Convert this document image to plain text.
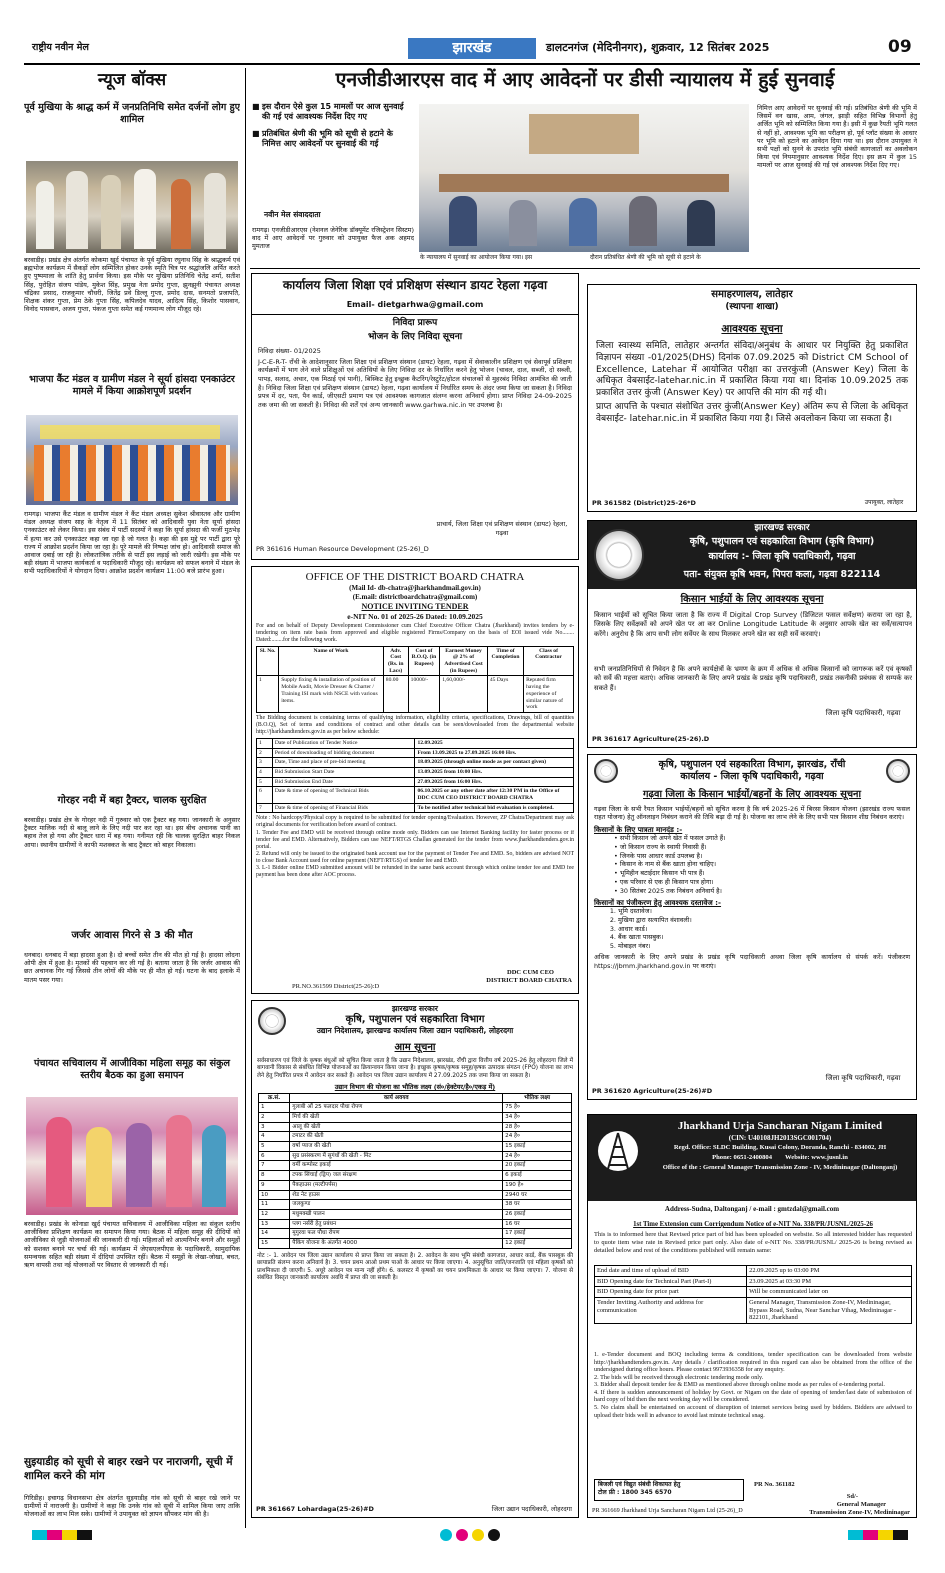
राष्ट्रीय नवीन मेल	झारखंड	डालटनगंज (मेदिनीनगर), शुक्रवार, 12 सितंबर 2025	09
न्यूज बॉक्स
पूर्व मुखिया के श्राद्ध कर्म में जनप्रतिनिधि समेत दर्जनों लोग हुए शामिल
बरवाडीह। प्रखंड क्षेत्र अंतर्गत कोकमा खुर्द पंचायत के पूर्व मुखिया रघुनाथ सिंह के श्राद्धकर्म एवं ब्रह्मभोज कार्यक्रम में सैकड़ों लोग सम्मिलित होकर उनके स्मृति चित्र पर श्रद्धांजलि अर्पित करते हुए पुष्पमाला के शांति हेतु प्रार्थना किया। इस मौके पर मुखिया प्रतिनिधि चेतेंद्र शर्मा, सतीश सिंह, पुरोहित संजय पांडेय, मुकेश सिंह, प्रमुख नेता प्रमोद गुप्ता, झुनझुनी पंचायत अध्यक्ष चंद्रिका प्रसाद, राजकुमार चौधरी, जितेंद्र प्रवे डिल्लू गुप्ता, प्रमोद दास, सनमतो प्रजापति, शिक्षक शंकर गुप्ता, प्रेम ठेके गुप्ता सिंह, कपिलदेव यादव, आदित्य सिंह, किशोर पासवान, विनोद पासवान, अजय गुप्ता, पंकज गुप्ता समेत कई गणमान्य लोग मौजूद रहे।
भाजपा कैंट मंडल व ग्रामीण मंडल ने सूर्या हांसदा एनकाउंटर मामले में किया आक्रोशपूर्ण प्रदर्शन
रामगढ़। भाजपा कैंट मंडल व ग्रामीण मंडल ने कैंट मंडल अध्यक्ष सुकेश श्रीवास्तव और ग्रामीण मंडल अध्यक्ष संजय साह के नेतृत्व में 11 सितंबर को आदिवासी युवा नेता सूर्या हांसदा एनकाउंटर को लेकर किया। इस संबंध में पार्टी सदस्यों ने कहा कि सूर्या हांसदा की फर्जी मुठभेड़ में हत्या कर उसे एनकाउंटर कहा जा रहा है जो गलत है। कहा की इस मुद्दे पर पार्टी द्वारा पूरे राज्य में आक्रोश प्रदर्शन किया जा रहा है। पूरे मामले की निष्पक्ष जांच हो। आदिवासी समाज की आवाज दबाई जा रही है। लोकतांत्रिक तरीके से पार्टी इस लड़ाई को जारी रखेगी। इस मौके पर बड़ी संख्या में भाजपा कार्यकर्ता व पदाधिकारी मौजूद रहे। कार्यक्रम को सफल बनाने में मंडल के सभी पदाधिकारियों ने योगदान दिया। आक्रोश प्रदर्शन कार्यक्रम 11:00 बजे प्रारंभ हुआ।
गोरहर नदी में बहा ट्रैक्टर, चालक सुरक्षित
बरवाडीह। प्रखंड क्षेत्र के गोरहर नदी में गुरुवार को एक ट्रैक्टर बह गया। जानकारी के अनुसार ट्रैक्टर मालिक नदी से बालू लाने के लिए नदी पार कर रहा था। इस बीच अचानक पानी का बहाव तेज हो गया और ट्रैक्टर धारा में बह गया। गनीमत रही कि चालक सुरक्षित बाहर निकल आया। स्थानीय ग्रामीणों ने काफी मशक्कत के बाद ट्रैक्टर को बाहर निकाला।
जर्जर आवास गिरने से 3 की मौत
धनबाद। धनबाद में बड़ा हादसा हुआ है। दो बच्चों समेत तीन की मौत हो गई है। हादसा लोदना ओपी क्षेत्र में हुआ है। मृतकों की पहचान कर ली गई है। बताया जाता है कि जर्जर आवास की छत अचानक गिर गई जिससे तीन लोगों की मौके पर ही मौत हो गई। घटना के बाद इलाके में मातम पसर गया।
पंचायत सचिवालय में आजीविका महिला समूह का संकुल स्तरीय बैठक का हुआ समापन
बरवाडीह। प्रखंड के कोनाडा खुर्द पंचायत सचिवालय में आजीविका महिला का संकुल स्तरीय आजीविका प्रशिक्षण कार्यक्रम का समापन किया गया। बैठक में महिला समूह की दीदियों को आजीविका से जुड़ी योजनाओं की जानकारी दी गई। महिलाओं को आत्मनिर्भर बनाने और समूहों को सशक्त बनाने पर चर्चा की गई। कार्यक्रम में जेएसएलपीएस के पदाधिकारी, सामुदायिक समन्वयक सहित बड़ी संख्या में दीदियां उपस्थित रहीं। बैठक में समूहों के लेखा-जोखा, बचत, ऋण वापसी तथा नई योजनाओं पर विस्तार से जानकारी दी गई।
सुइयाडीह को सूची से बाहर रखने पर नाराजगी, सूची में शामिल करने की मांग
गिरिडीह। इचागढ़ विधानसभा क्षेत्र अंतर्गत सुइयाडीह गांव को सूची से बाहर रखे जाने पर ग्रामीणों में नाराजगी है। ग्रामीणों ने कहा कि उनके गांव को सूची में शामिल किया जाए ताकि योजनाओं का लाभ मिल सके। ग्रामीणों ने उपायुक्त को ज्ञापन सौंपकर मांग की है।
एनजीडीआरएस वाद में आए आवेदनों पर डीसी न्यायालय में हुई सुनवाई
■ इस दौरान ऐसे कुल 15 मामलों पर आज सुनवाई की गई एवं आवश्यक निर्देश दिए गए
■ प्रतिबंधित श्रेणी की भूमि को सूची से हटाने के निमित्त आए आवेदनों पर सुनवाई की गई
नवीन मेल संवाददाता
रामगढ़। एनजीडीआरएस (नेशनल जेनेरिक डॉक्यूमेंट रजिस्ट्रेशन सिस्टम) वाद में आए आवेदनों पर गुरुवार को उपायुक्त फैज अक अहमद मुमताज
के न्यायालय में सुनवाई का आयोजन किया गया। इस	दौरान प्रतिबंधित श्रेणी की भूमि को सूची से हटाने के
निमित्त आए आवेदनों पर सुनवाई की गई। प्रतिबंधित श्रेणी की भूमि में जिसमें वन खास, आम, जंगल, झाड़ी सहित विभिन्न विभागों हेतु अर्जित भूमि को सम्मिलित किया गया है। इसी में कुछ रैयती भूमि गलत से नहीं हो, आवश्यक भूमि का परीक्षण हो, पूर्व प्लॉट संख्या के आधार पर भूमि को हटाने का आवेदन दिया गया था। इस दौरान उपायुक्त ने सभी पक्षों को सुनने के उपरांत भूमि संबंधी कागजातों का अवलोकन किया एवं नियमानुसार आवश्यक निर्देश दिए। इस क्रम में कुल 15 मामलों पर आज सुनवाई की गई एवं आवश्यक निर्देश दिए गए।
कार्यालय जिला शिक्षा एवं प्रशिक्षण संस्थान डायट रेहला गढ़वा
Email- dietgarhwa@gmail.com
निविदा प्रारूप
भोजन के लिए निविदा सूचना
निविदा संख्या- 01/2025
J-C-E-R-T- राँची के आदेशानुसार जिला शिक्षा एवं प्रशिक्षण संस्थान (डायट) रेहला, गढ़वा में सेवाकालीन प्रशिक्षण एवं सेवापूर्व प्रशिक्षण कार्यक्रमों में भाग लेने वाले प्रशिक्षुओं एवं अतिथियों के लिए निविदा दर के निर्धारित करने हेतु भोजन (चावल, दाल, सब्जी, दो सब्जी, पापड़, सलाद, अचार, एक मिठाई एवं पानी), बिस्किट हेतु इच्छुक कैटरिंग/रेस्टुरेंट/होटल संचालकों से मुहरबंद निविदा आमंत्रित की जाती है। निविदा जिला शिक्षा एवं प्रशिक्षण संस्थान (डायट) रेहला, गढ़वा कार्यालय में निर्धारित समय के अंदर जमा किया जा सकता है। निविदा प्रपत्र में दर, पता, पैन कार्ड, जीएसटी प्रमाण पत्र एवं आवश्यक कागजात संलग्न करना अनिवार्य होगा। प्राप्त निविदा 24-09-2025 तक जमा की जा सकती है। निविदा की शर्तें एवं अन्य जानकारी www.garhwa.nic.in पर उपलब्ध है।
प्राचार्य, जिला शिक्षा एवं प्रशिक्षण संस्थान (डायट) रेहला, गढ़वा
PR 361616 Human Resource Development (25-26)_D
OFFICE OF THE DISTRICT BOARD CHATRA
(Mail Id- db-chatra@jharkhandmail.gov.in)
(E.mail: districtboardchatra@gmail.com)
NOTICE INVITING TENDER
e-NIT No. 01 of 2025-26 Dated: 10.09.2025
For and on behalf of Deputy Development Commissioner cum Chief Executive Officer Chatra (Jharkhand) invites tenders by e-tendering on item rate basis from approved and eligible registered Firms/Company on the basis of EOI issued vide No........ Dated:........for the following work.
Sl. No.	Name of Work	Adv. Cost (Rs. in Lacs)	Cost of B.O.Q. (in Rupees)	Earnest Money @ 2% of Advertised Cost (in Rupees)	Time of Completion	Class of Contractor
1	Supply fixing & installation of position of Mobile Audit, Movie Dresser & Charter / Training ISI mark with NSCE with various items.	80.00	10000/-	1,60,000/-	45 Days	Reputed firm having the experience of similar nature of work
The Bidding document is containing terms of qualifying information, eligibility criteria, specifications, Drawings, bill of quantities (B.O.Q), Set of terms and conditions of contract and other details can be seen/downloaded from the departmental website http://jharkhandtenders.gov.in as per below schedule:
1	Date of Publication of Tender Notice	12.09.2025
2	Period of downloading of bidding document	From 13.09.2025 to 27.09.2025 16:00 Hrs.
3	Date, Time and place of pre-bid meeting	18.09.2025 (through online mode as per contact given)
4	Bid Submission Start Date	13.09.2025 from 10:00 Hrs.
5	Bid Submission End Date	27.09.2025 from 16:00 Hrs.
6	Date & time of opening of Technical Bids	06.10.2025 or any other date after 12:30 PM in the Office of DDC CUM CEO DISTRICT BOARD CHATRA
7	Date & time of opening of Financial Bids	To be notified after technical bid evaluation is completed.
Note : No hardcopy/Physical copy is required to be submitted for tender opening/Evaluation. However, ZP Chatra/Department may ask original documents for verification before award of contract.
1. Tender Fee and EMD will be received through online mode only. Bidders can use Internet Banking facility for faster process or if tender fee and EMD. Alternatively, Bidders can use NEFT/RTGS Challan generated for the tender from www.jharkhandtenders.gov.in portal.
2. Refund will only be issued to the originated bank account use for the payment of Tender Fee and EMD. So, bidders are advised NOT to close Bank Account used for online payment (NEFT/RTGS) of tender fee and EMD.
3. L-1 Bidder online EMD submitted amount will be refunded in the same bank account through which online tender fee and EMD fee payment has been done after AOC process.
DDC CUM CEO
DISTRICT BOARD CHATRA
PR.NO.361599 District(25-26):D
झारखण्ड सरकार
कृषि, पशुपालन एवं सहकारिता विभाग
उद्यान निदेशालय, झारखण्ड कार्यालय जिला उद्यान पदाधिकारी, लोहरदगा
आम सूचना
सर्वसाधारण एवं जिले के कृषक बंधुओं को सूचित किया जाता है कि उद्यान निदेशालय, झारखंड, राँची द्वारा वित्तीय वर्ष 2025-26 हेतु लोहरदगा जिले में बागवानी विकास से संबंधित विभिन्न योजनाओं का क्रियान्वयन किया जाना है। इच्छुक कृषक/कृषक समूह/कृषक उत्पादक संगठन (FPO) योजना का लाभ लेने हेतु निर्धारित प्रपत्र में आवेदन कर सकते हैं। आवेदन पत्र जिला उद्यान कार्यालय में 27.09.2025 तक जमा किया जा सकता है।
उद्यान विभाग की योजना का भौतिक लक्ष्य (सं०/हेक्टेयर/है०/एकड़ में)
क्र.सं.	कार्य अवयव	भौतिक लक्ष्य
1	गुलाबी ओं 25 फलदार पौधा रोपण	75 हे०
2	मिर्च की खेती	34 हे०
3	आलू की खेती	28 हे०
4	टमाटर की खेती	24 हे०
5	वर्षा प्याज की खेती	15 इकाई
6	सुग्र प्रसंस्करण में सुगंधों की खेती - मिंट	24 हे०
7	वर्मी कम्पोस्ट इकाई	20 इकाई
8	टपक सिंचाई (ड्रिप) जल संरक्षण	6 इकाई
9	पैकहाउस (मल्टीपर्पस)	190 हे०
10	शेड नेट हाउस	2940 घर
11	जलकुण्ड	38 घर
12	मधुमक्खी पालन	26 इकाई
13	प्लग नर्सरी हेतु प्रबंधन	16 घर
14	मुगुरवा फल पौधा रोपण	17 इकाई
15	पैकिंग योजना के अंतर्गत 4000	12 इकाई
नोट :- 1. आवेदन पत्र जिला उद्यान कार्यालय से प्राप्त किया जा सकता है। 2. आवेदन के साथ भूमि संबंधी कागजात, आधार कार्ड, बैंक पासबुक की छायाप्रति संलग्न करना अनिवार्य है। 3. चयन प्रथम आओ प्रथम पाओ के आधार पर किया जाएगा। 4. अनुसूचित जाति/जनजाति एवं महिला कृषकों को प्राथमिकता दी जाएगी। 5. अधूरे आवेदन पत्र मान्य नहीं होंगे। 6. कलस्टर में कृषकों का चयन प्राथमिकता के आधार पर किया जाएगा। 7. योजना से संबंधित विस्तृत जानकारी कार्यालय अवधि में प्राप्त की जा सकती है।
जिला उद्यान पदाधिकारी, लोहरदगा
PR 361667 Lohardaga(25-26)#D
समाहरणालय, लातेहार
(स्थापना शाखा)
आवश्यक सूचना
जिला स्वास्थ्य समिति, लातेहार अन्तर्गत संविदा/अनुबंध के आधार पर नियुक्ति हेतु प्रकाशित विज्ञापन संख्या -01/2025(DHS) दिनांक 07.09.2025 को District CM School of Excellence, Latehar में आयोजित परीक्षा का उत्तरकुंजी (Answer Key) जिला के अधिकृत वेबसाईट-latehar.nic.in में प्रकाशित किया गया था। दिनांक 10.09.2025 तक प्रकाशित उत्तर कुंजी (Answer Key) पर आपत्ति की मांग की गई थी।
प्राप्त आपत्ति के पश्चात संशोधित उत्तर कुंजी(Answer Key) अंतिम रूप से जिला के अधिकृत वेबसाईट- latehar.nic.in में प्रकाशित किया गया है। जिसे अवलोकन किया जा सकता है।
उपायुक्त, लातेहार
PR 361582 (District)25-26*D
झारखण्ड सरकार
कृषि, पशुपालन एवं सहकारिता विभाग (कृषि विभाग)
कार्यालय :- जिला कृषि पदाधिकारी, गढ़वा
पता- संयुक्त कृषि भवन, पिपरा कला, गढ़वा 822114
किसान भाईयों के लिए आवश्यक सूचना
किसान भाईयों को सूचित किया जाता है कि राज्य में Digital Crop Survey (डिजिटल फसल सर्वेक्षण) कराया जा रहा है, जिसके लिए सर्वेक्षकों को अपने खेत पर आ कर Online Longitude Latitude के अनुसार आपके खेत का सर्वे/सत्यापन करेंगे। अनुरोध है कि आप सभी लोग सर्वेयर के साथ मिलकर अपने खेत का सही सर्वे करवाएं।
सभी जनप्रतिनिधियों से निवेदन है कि अपने कार्यक्षेत्रों के भ्रमण के क्रम में अधिक से अधिक किसानों को जागरूक करें एवं कृषकों को सर्वे की महत्ता बताएं। अधिक जानकारी के लिए अपने प्रखंड के प्रखंड कृषि पदाधिकारी, प्रखंड तकनीकी प्रबंधक से सम्पर्क कर सकते हैं।
जिला कृषि पदाधिकारी, गढ़वा
PR 361617 Agriculture(25-26).D
कृषि, पशुपालन एवं सहकारिता विभाग, झारखंड, राँची
कार्यालय - जिला कृषि पदाधिकारी, गढ़वा
गढ़वा जिला के किसान भाईयों/बहनों के लिए आवश्यक सूचना
गढ़वा जिला के सभी रैयत किसान भाईयों/बहनों को सूचित करना है कि वर्ष 2025-26 में बिरसा किसान योजना (झारखंड राज्य फसल राहत योजना) हेतु ऑनलाइन निबंधन कराने की तिथि बढ़ा दी गई है। योजना का लाभ लेने के लिए सभी पात्र किसान शीघ्र निबंधन कराएं।
किसानों के लिए पात्रता मानदंड :-
• सभी किसान जो अपने खेत में फसल उगाते हैं।
• जो किसान राज्य के स्थायी निवासी हैं।
• जिनके पास आधार कार्ड उपलब्ध है।
• किसान के नाम से बैंक खाता होना चाहिए।
• भूमिहीन बटाईदार किसान भी पात्र हैं।
• एक परिवार से एक ही किसान पात्र होगा।
• 30 सितंबर 2025 तक निबंधन अनिवार्य है।
किसानों का पंजीकरण हेतु आवश्यक दस्तावेज :-
1. भूमि दस्तावेज।
2. मुखिया द्वारा सत्यापित वंशावली।
3. आधार कार्ड।
4. बैंक खाता पासबुक।
5. मोबाइल नंबर।
अधिक जानकारी के लिए अपने प्रखंड के प्रखंड कृषि पदाधिकारी अथवा जिला कृषि कार्यालय से संपर्क करें। पंजीकरण https://jbmm.jharkhand.gov.in पर कराएं।
जिला कृषि पदाधिकारी, गढ़वा
PR 361620 Agriculture(25-26)#D
Jharkhand Urja Sancharan Nigam Limited
(CIN: U40108JH2013SGC001704)
Regd. Office: SLDC Building, Kusai Colony, Doranda, Ranchi - 834002, JH
Phone: 0651-2400804        Website: www.jusnl.in
Office of the : General Manager Transmission Zone - IV, Medininagar (Daltonganj)
Address-Sudna, Daltonganj / e-mail : gmtzdal@gmail.com
1st Time Extension cum Corrigendum Notice of e-NIT No. 338/PR/JUSNL/2025-26
This is to informed here that Revised price part of bid has been uploaded on website. So all interested bidder has requested to quote item wise rate in Revised price part only. Also date of e-NIT No. 338/PR/JUSNL/ 2025-26 is being revised as detailed below and rest of the conditions published will remain same:
End date and time of upload of BID	22.09.2025 up to 03:00 PM
BID Opening date for Technical Part (Part-I)	23.09.2025 at 03:30 PM
BID Opening date for price part	Will be communicated later on
Tender Inviting Authority and address for communication	General Manager, Transmission Zone-IV, Medininagar, Bypass Road, Sudna, Near Sanchar Vihag, Medininagar - 822101, Jharkhand
1. e-Tender document and BOQ including terms & conditions, tender specification can be downloaded from website http://jharkhandtenders.gov.in. Any details / clarification required in this regard can also be obtained from the office of the undersigned during office hours. Please contact 9973936358 for any enquiry.
2. The bids will be received through electronic tendering mode only.
3. Bidder shall deposit tender fee & EMD as mentioned above through online mode as per rules of e-tendering portal.
4. If there is sudden announcement of holiday by Govt. or Nigam on the date of opening of tender/last date of submission of hard copy of bid then the next working day will be considered.
5. No claim shall be entertained on account of disruption of internet services being used by bidders. Bidders are advised to upload their bids well in advance to avoid last minute technical snag.
बिजली एवं विद्युत संबंधी शिकायत हेतु
टोल फ्री : 1800 345 6570
PR No. 361182
Sd/-
General Manager
Transmission Zone-IV, Medininagar
PR 361669 Jharkhand Urja Sancharan Nigam Ltd (25-26)_D
